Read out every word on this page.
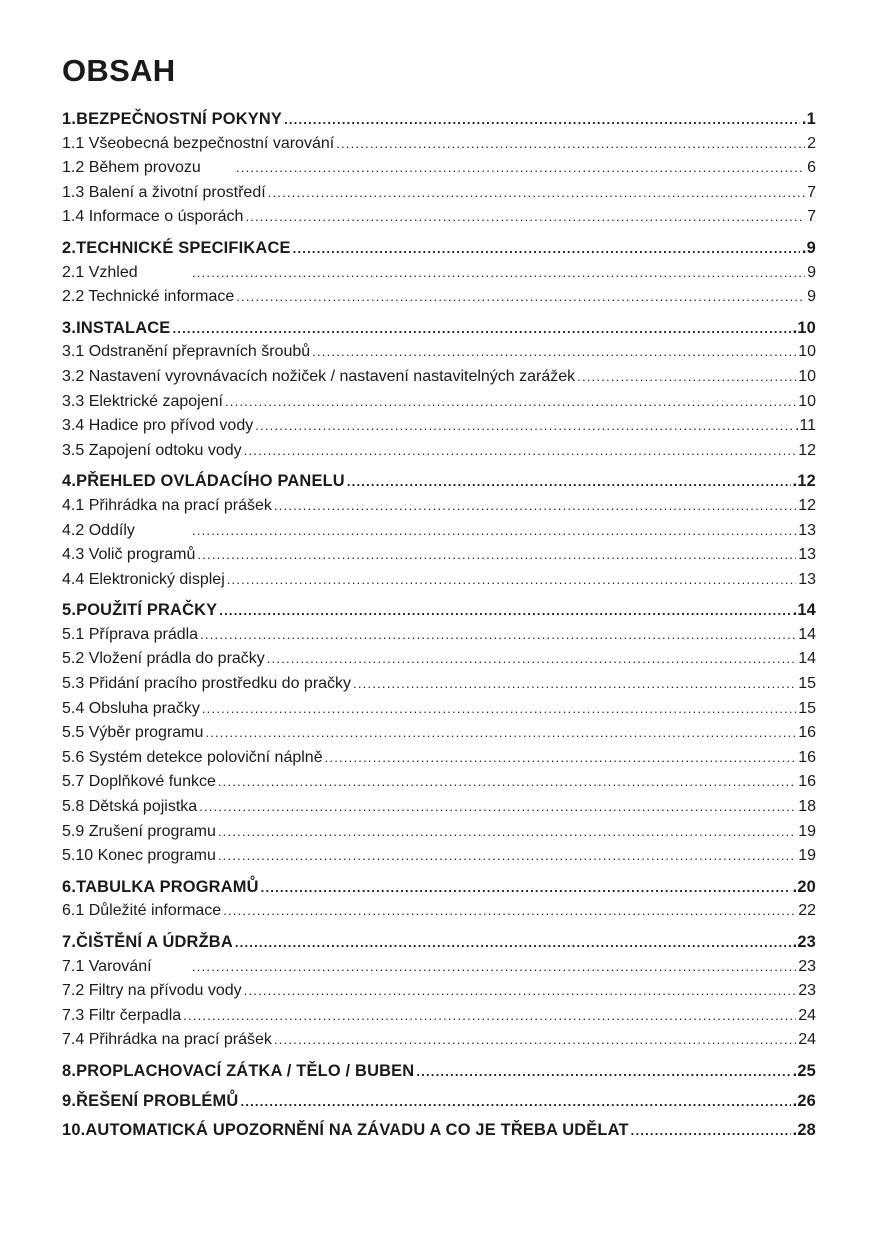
OBSAH
1.BEZPEČNOSTNÍ POKYNY .....	.1
1.1 Všeobecná bezpečnostní varování .....	2
1.2 Během provozu .....	6
1.3 Balení a životní prostředí .....	7
1.4 Informace o úsporách .....	7
2.TECHNICKÉ SPECIFIKACE .....	.9
2.1 Vzhled .....	9
2.2 Technické informace .....	9
3.INSTALACE .....	.10
3.1 Odstranění přepravních šroubů .....	10
3.2 Nastavení vyrovnávacích nožiček / nastavení nastavitelných zarážek .....	10
3.3 Elektrické zapojení .....	10
3.4 Hadice pro přívod vody .....	.11
3.5 Zapojení odtoku vody .....	12
4.PŘEHLED OVLÁDACÍHO PANELU .....	.12
4.1 Přihrádka na prací prášek .....	12
4.2 Oddíly .....	13
4.3 Volič programů .....	13
4.4 Elektronický displej .....	13
5.POUŽITÍ PRAČKY .....	.14
5.1 Příprava prádla .....	14
5.2 Vložení prádla do pračky .....	14
5.3 Přidání pracího prostředku do pračky .....	15
5.4 Obsluha pračky .....	15
5.5 Výběr programu .....	16
5.6 Systém detekce poloviční náplně .....	16
5.7 Doplňkové funkce .....	16
5.8 Dětská pojistka .....	18
5.9 Zrušení programu .....	19
5.10 Konec programu .....	19
6.TABULKA PROGRAMŮ .....	.20
6.1 Důležité informace .....	22
7.ČIŠTĚNÍ A ÚDRŽBA .....	.23
7.1 Varování .....	23
7.2 Filtry na přívodu vody .....	23
7.3 Filtr čerpadla .....	24
7.4 Přihrádka na prací prášek .....	24
8.PROPLACHOVACÍ ZÁTKA / TĚLO / BUBEN .....	.25
9.ŘEŠENÍ PROBLÉMŮ .....	.26
10.AUTOMATICKÁ UPOZORNĚNÍ NA ZÁVADU A CO JE TŘEBA UDĚLAT .....	.28
